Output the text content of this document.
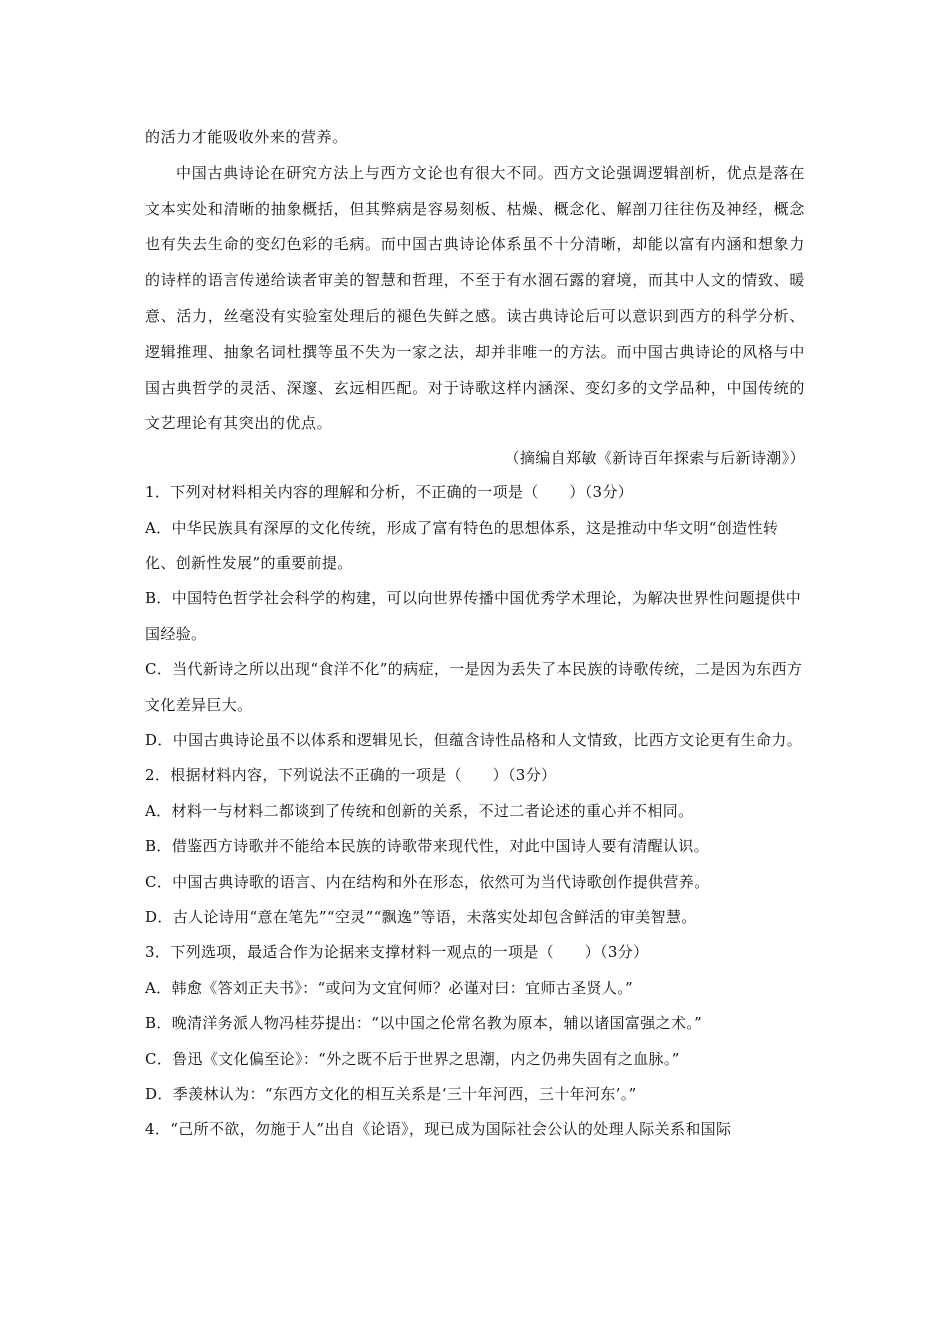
的活力才能吸收外来的营养。

中国古典诗论在研究方法上与西方文论也有很大不同。西方文论强调逻辑剖析，优点是落在文本实处和清晰的抽象概括，但其弊病是容易刻板、枯燥、概念化、解剖刀往往伤及神经，概念也有失去生命的变幻色彩的毛病。而中国古典诗论体系虽不十分清晰，却能以富有内涵和想象力的诗样的语言传递给读者审美的智慧和哲理，不至于有水涸石露的窘境，而其中人文的情致、暖意、活力，丝毫没有实验室处理后的褪色失鲜之感。读古典诗论后可以意识到西方的科学分析、逻辑推理、抽象名词杜撰等虽不失为一家之法，却并非唯一的方法。而中国古典诗论的风格与中国古典哲学的灵活、深邃、玄远相匹配。对于诗歌这样内涵深、变幻多的文学品种，中国传统的文艺理论有其突出的优点。

（摘编自郑敏《新诗百年探索与后新诗潮》）

1．下列对材料相关内容的理解和分析，不正确的一项是（　　）（3分）

A．中华民族具有深厚的文化传统，形成了富有特色的思想体系，这是推动中华文明“创造性转化、创新性发展”的重要前提。

B．中国特色哲学社会科学的构建，可以向世界传播中国优秀学术理论，为解决世界性问题提供中国经验。

C．当代新诗之所以出现“食洋不化”的病症，一是因为丢失了本民族的诗歌传统，二是因为东西方文化差异巨大。

D．中国古典诗论虽不以体系和逻辑见长，但蕴含诗性品格和人文情致，比西方文论更有生命力。

2．根据材料内容，下列说法不正确的一项是（　　）（3分）

A．材料一与材料二都谈到了传统和创新的关系，不过二者论述的重心并不相同。

B．借鉴西方诗歌并不能给本民族的诗歌带来现代性，对此中国诗人要有清醒认识。

C．中国古典诗歌的语言、内在结构和外在形态，依然可为当代诗歌创作提供营养。

D．古人论诗用“意在笔先”“空灵”“飘逸”等语，未落实处却包含鲜活的审美智慧。

3．下列选项，最适合作为论据来支撑材料一观点的一项是（　　）（3分）

A．韩愈《答刘正夫书》：“或问为文宜何师？必谨对曰：宜师古圣贤人。”

B．晚清洋务派人物冯桂芬提出：“以中国之伦常名教为原本，辅以诸国富强之术。”

C．鲁迅《文化偏至论》：“外之既不后于世界之思潮，内之仍弗失固有之血脉。”

D．季羡林认为：“东西方文化的相互关系是‘三十年河西，三十年河东’。”

4．“己所不欲，勿施于人”出自《论语》，现已成为国际社会公认的处理人际关系和国际
